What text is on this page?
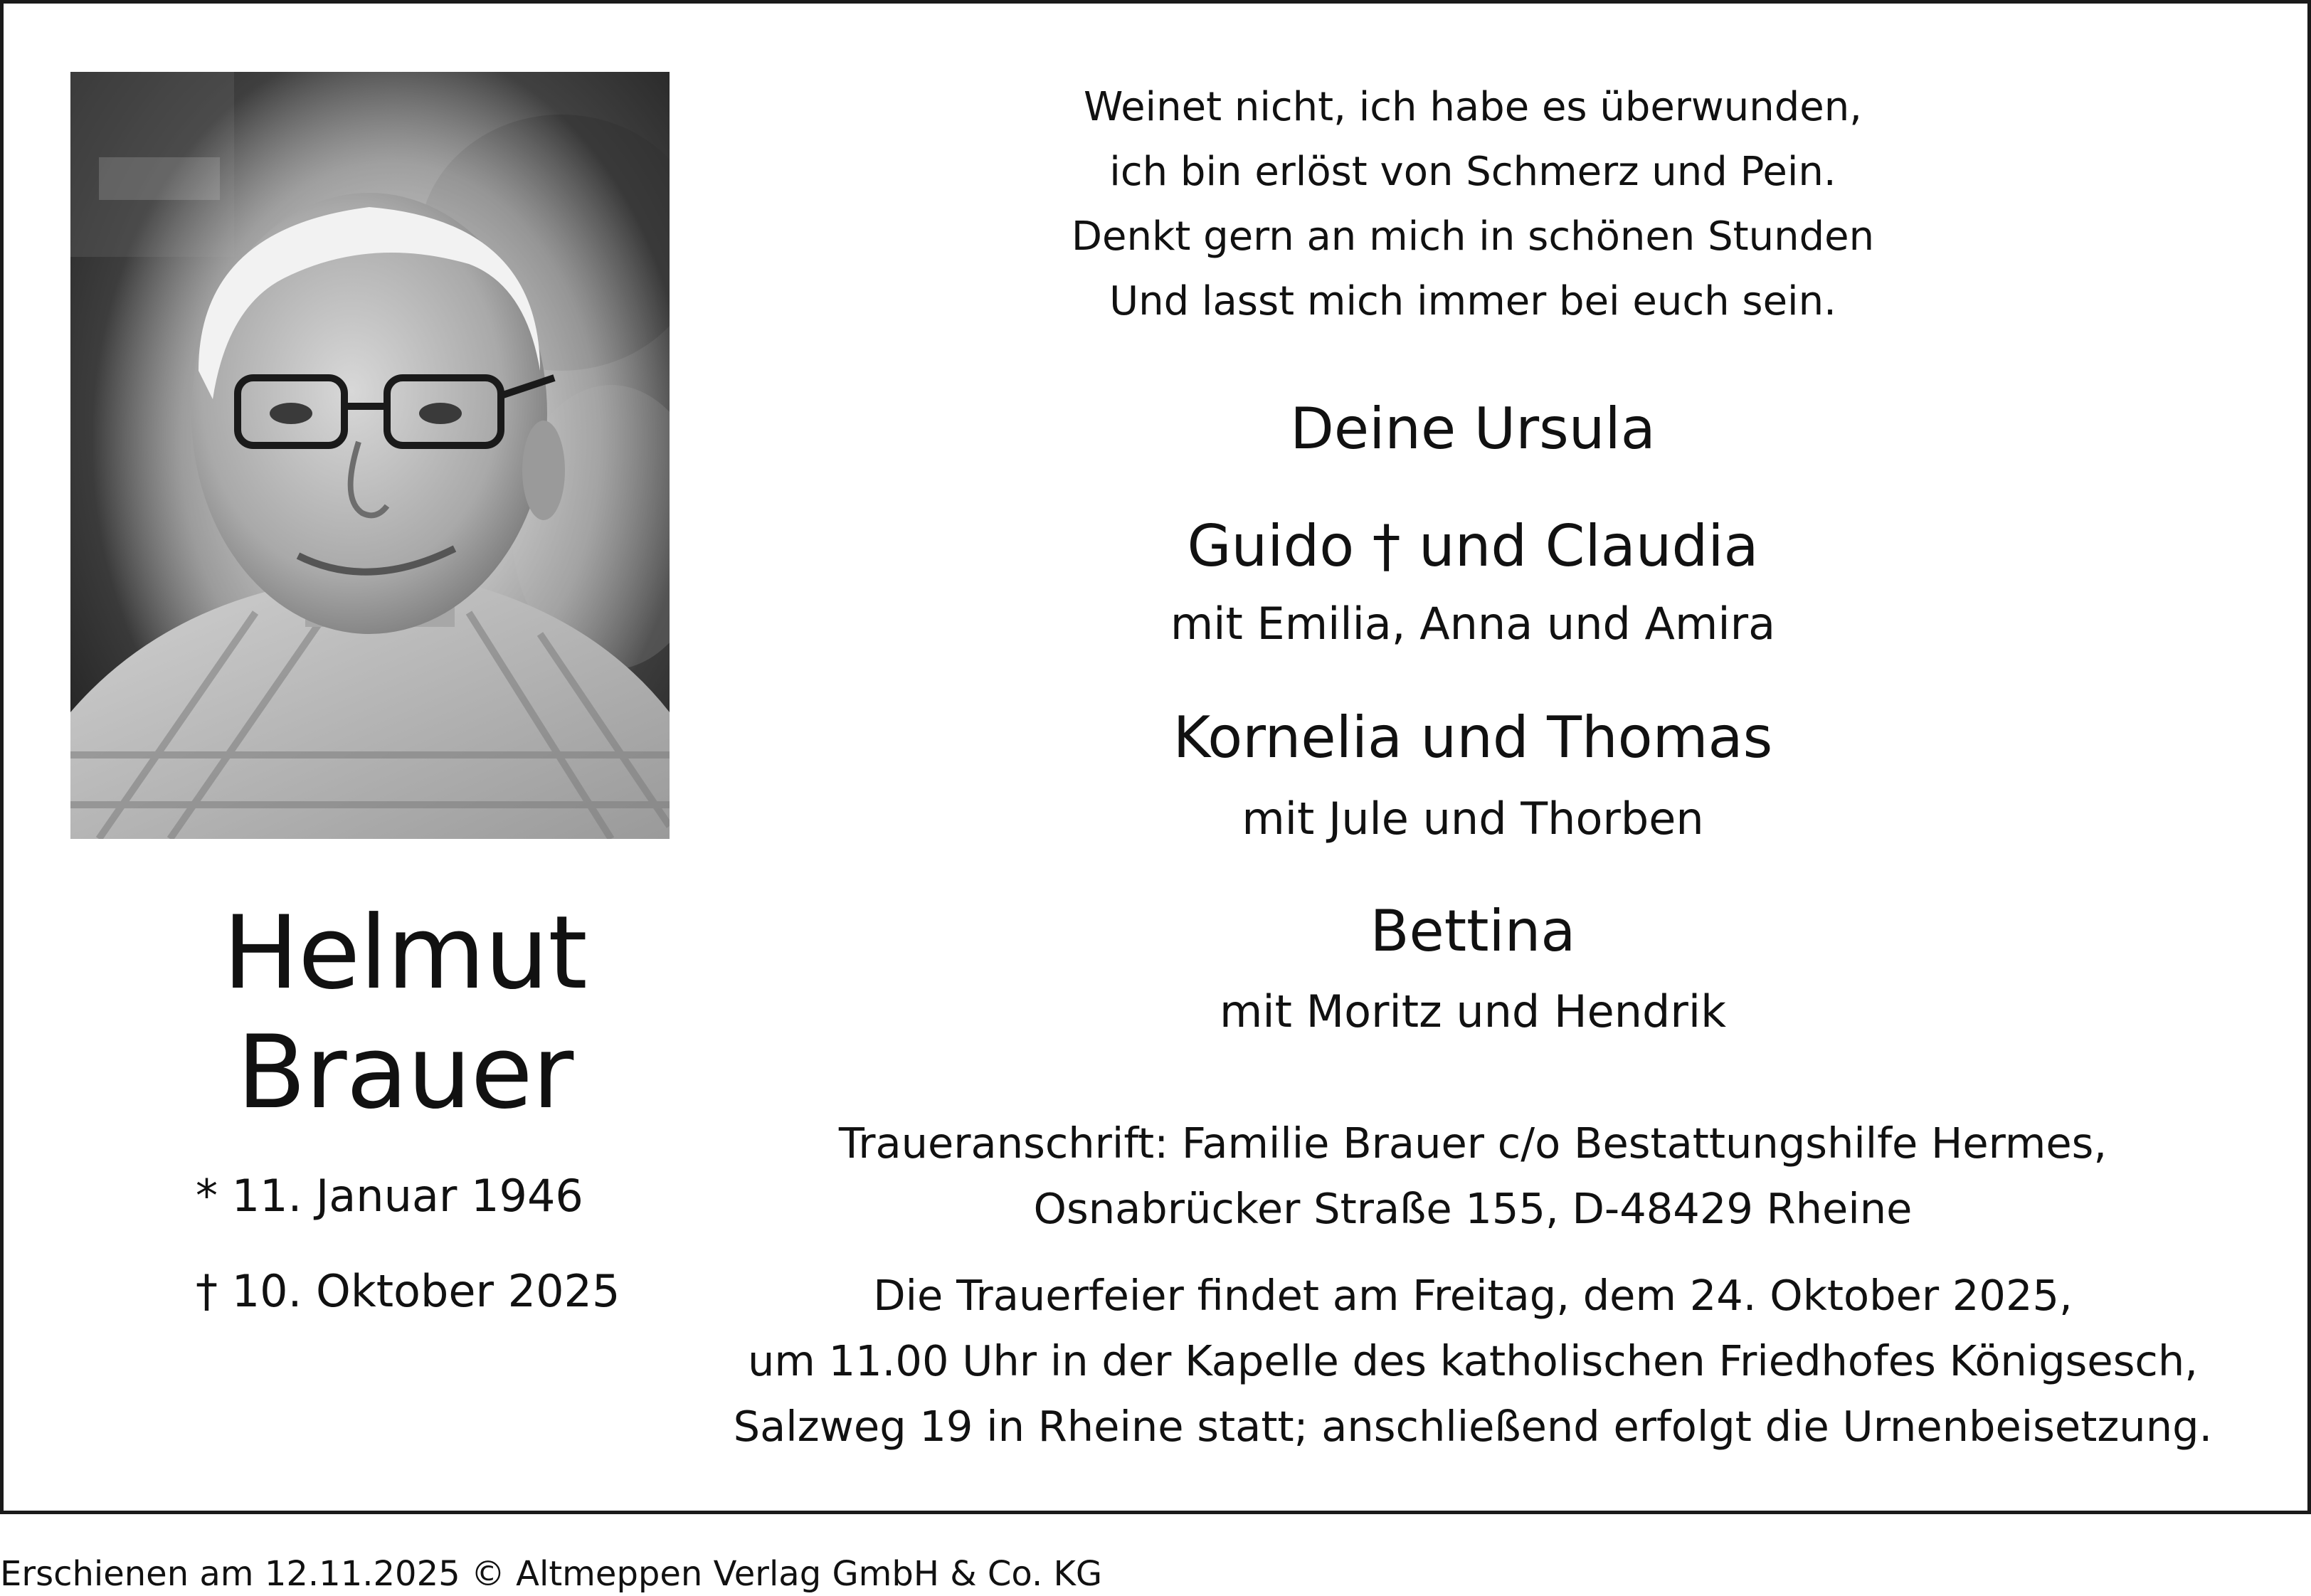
Helmut
Brauer
* 11. Januar 1946
† 10. Oktober 2025
Weinet nicht, ich habe es überwunden,
ich bin erlöst von Schmerz und Pein.
Denkt gern an mich in schönen Stunden
Und lasst mich immer bei euch sein.
Deine Ursula
Guido † und Claudia
mit Emilia, Anna und Amira
Kornelia und Thomas
mit Jule und Thorben
Bettina
mit Moritz und Hendrik
Traueranschrift: Familie Brauer c/o Bestattungshilfe Hermes,
Osnabrücker Straße 155, D-48429 Rheine
Die Trauerfeier findet am Freitag, dem 24. Oktober 2025,
um 11.00 Uhr in der Kapelle des katholischen Friedhofes Königsesch,
Salzweg 19 in Rheine statt; anschließend erfolgt die Urnenbeisetzung.
Erschienen am 12.11.2025 © Altmeppen Verlag GmbH & Co. KG
